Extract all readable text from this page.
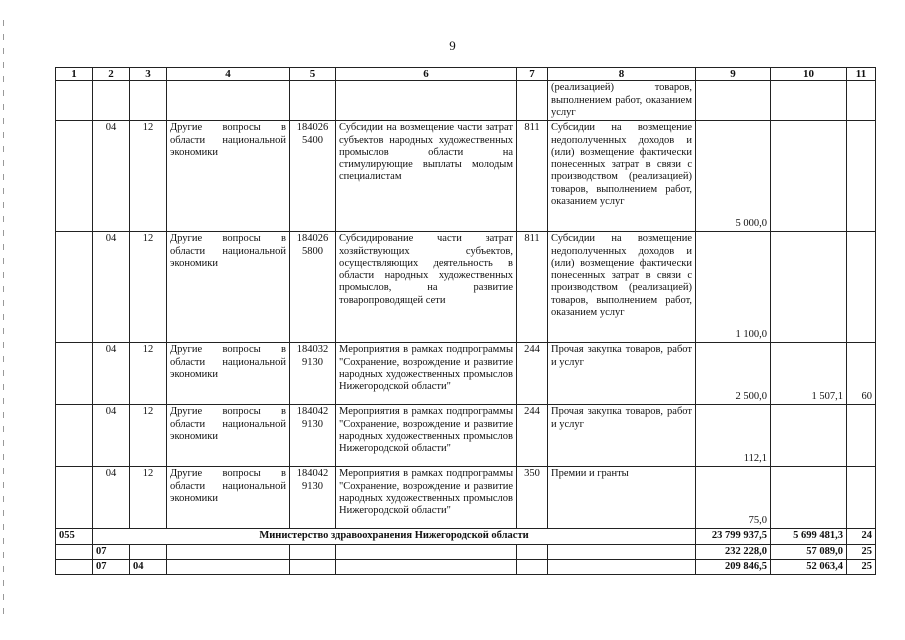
9
1	2	3	4	5	6	7	8	9	10	11
							(реализацией) товаров, выполнением работ, оказанием услуг			
	04	12	Другие вопросы в области национальной экономики	184026 5400	Субсидии на возмещение части затрат субъектов народных художественных промыслов области на стимулирующие выплаты молодым специалистам	811	Субсидии на возмещение недополученных доходов и (или) возмещение фактически понесенных затрат в связи с производством (реализацией) товаров, выполнением работ, оказанием услуг	5 000,0		
	04	12	Другие вопросы в области национальной экономики	184026 5800	Субсидирование части затрат хозяйствующих субъектов, осуществляющих деятельность в области народных художественных промыслов, на развитие товаропроводящей сети	811	Субсидии на возмещение недополученных доходов и (или) возмещение фактически понесенных затрат в связи с производством (реализацией) товаров, выполнением работ, оказанием услуг	1 100,0		
	04	12	Другие вопросы в области национальной экономики	184032 9130	Мероприятия в рамках подпрограммы "Сохранение, возрождение и развитие народных художественных промыслов Нижегородской области"	244	Прочая закупка товаров, работ и услуг	2 500,0	1 507,1	60
	04	12	Другие вопросы в области национальной экономики	184042 9130	Мероприятия в рамках подпрограммы "Сохранение, возрождение и развитие народных художественных промыслов Нижегородской области"	244	Прочая закупка товаров, работ и услуг	112,1		
	04	12	Другие вопросы в области национальной экономики	184042 9130	Мероприятия в рамках подпрограммы "Сохранение, возрождение и развитие народных художественных промыслов Нижегородской области"	350	Премии и гранты	75,0		
055	Министерство здравоохранения Нижегородской области							23 799 937,5	5 699 481,3	24
	07							232 228,0	57 089,0	25
	07	04						209 846,5	52 063,4	25
